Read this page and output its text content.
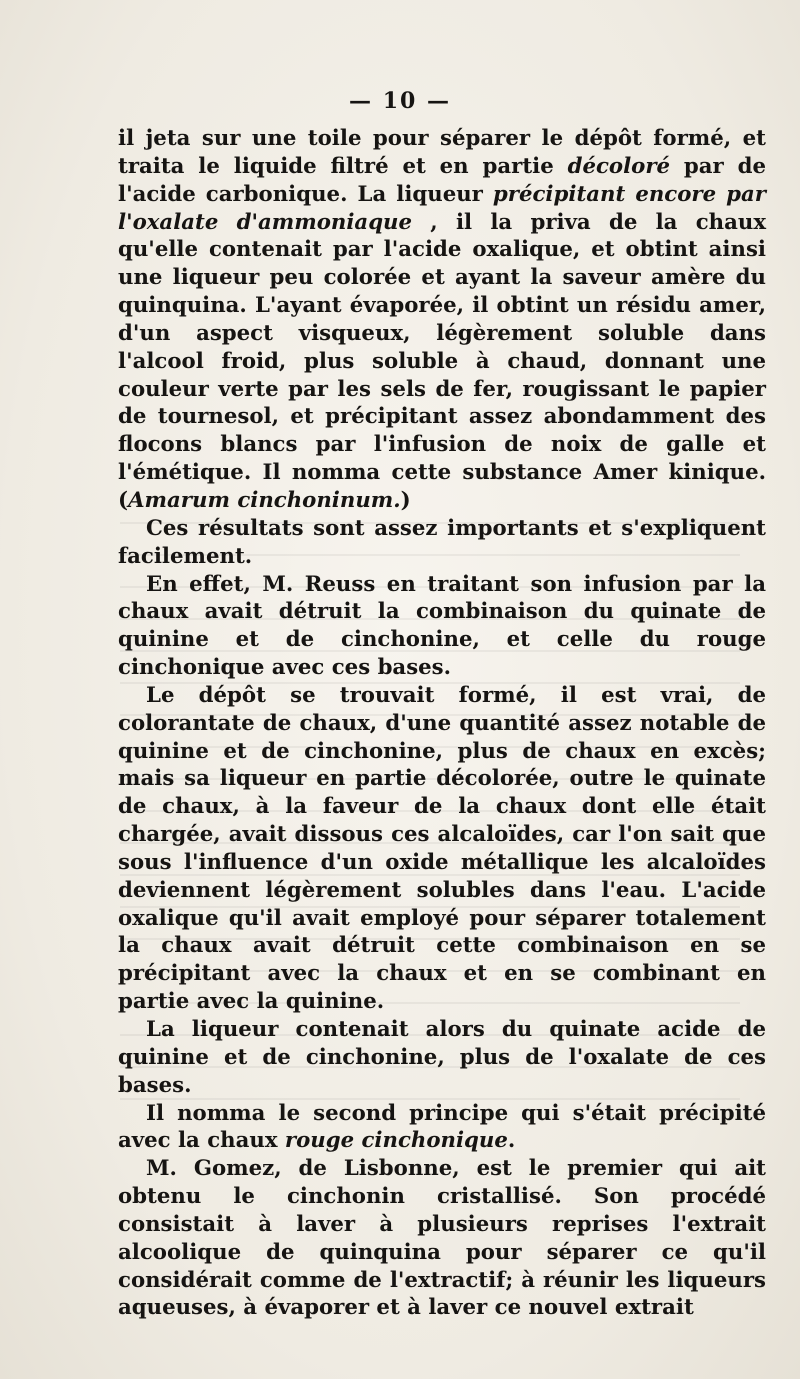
— 10 —

il jeta sur une toile pour séparer le dépôt formé, et traita le liquide filtré et en partie décoloré par de l'acide carbonique. La liqueur précipitant encore par l'oxalate d'ammoniaque , il la priva de la chaux qu'elle contenait par l'acide oxalique, et obtint ainsi une liqueur peu colorée et ayant la saveur amère du quinquina. L'ayant évaporée, il obtint un résidu amer, d'un aspect visqueux, légèrement soluble dans l'alcool froid, plus soluble à chaud, donnant une couleur verte par les sels de fer, rougissant le papier de tournesol, et précipitant assez abondamment des flocons blancs par l'infusion de noix de galle et l'émétique. Il nomma cette substance Amer kinique. (Amarum cinchoninum.)

Ces résultats sont assez importants et s'expliquent facilement.

En effet, M. Reuss en traitant son infusion par la chaux avait détruit la combinaison du quinate de quinine et de cinchonine, et celle du rouge cinchonique avec ces bases.

Le dépôt se trouvait formé, il est vrai, de colorantate de chaux, d'une quantité assez notable de quinine et de cinchonine, plus de chaux en excès; mais sa liqueur en partie décolorée, outre le quinate de chaux, à la faveur de la chaux dont elle était chargée, avait dissous ces alcaloïdes, car l'on sait que sous l'influence d'un oxide métallique les alcaloïdes deviennent légèrement solubles dans l'eau. L'acide oxalique qu'il avait employé pour séparer totalement la chaux avait détruit cette combinaison en se précipitant avec la chaux et en se combinant en partie avec la quinine.

La liqueur contenait alors du quinate acide de quinine et de cinchonine, plus de l'oxalate de ces bases.

Il nomma le second principe qui s'était précipité avec la chaux rouge cinchonique.

M. Gomez, de Lisbonne, est le premier qui ait obtenu le cinchonin cristallisé. Son procédé consistait à laver à plusieurs reprises l'extrait alcoolique de quinquina pour séparer ce qu'il considérait comme de l'extractif; à réunir les liqueurs aqueuses, à évaporer et à laver ce nouvel extrait
